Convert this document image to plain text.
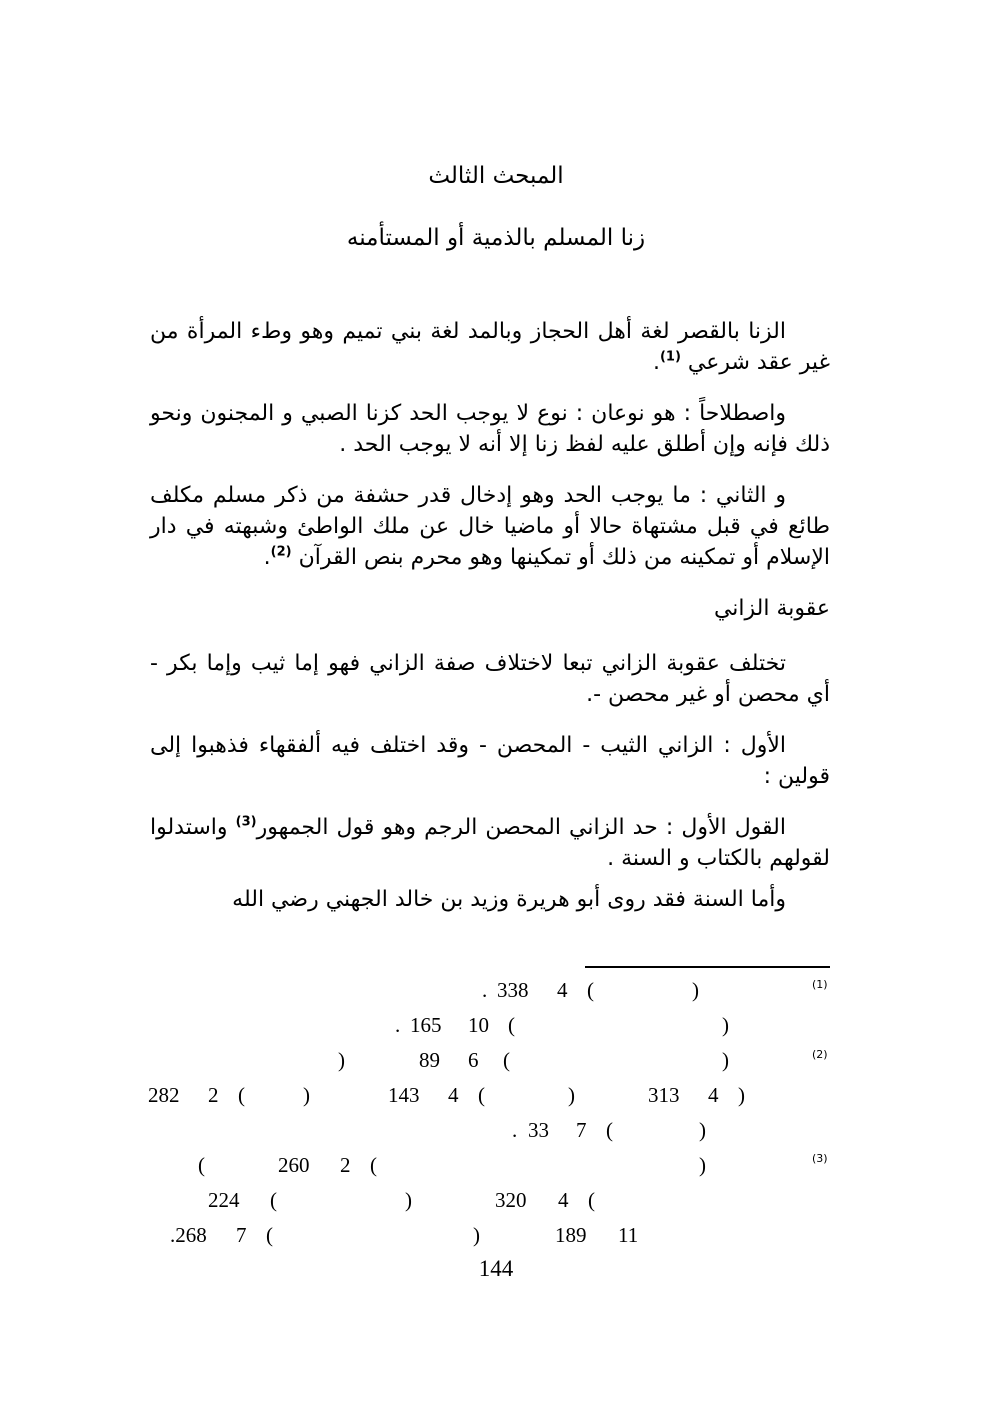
المبحث الثالث
زنا المسلم بالذمية أو المستأمنه

الزنا بالقصر لغة أهل الحجاز وبالمد لغة بني تميم وهو وطء المرأة من غير عقد شرعي $^{(1)}$.

واصطلاحاً : هو نوعان : نوع لا يوجب الحد كزنا الصبي و المجنون ونحو ذلك فإنه وإن أطلق عليه لفظ زنا إلا أنه لا يوجب الحد .

و الثاني : ما يوجب الحد وهو إدخال قدر حشفة من ذكر مسلم مكلف طائع في قبل مشتهاة حالا أو ماضيا خال عن ملك الواطئ وشبهته في دار الإسلام أو تمكينه من ذلك أو تمكينها وهو محرم بنص القرآن $^{(2)}$.

عقوبة الزاني

تختلف عقوبة الزاني تبعا لاختلاف صفة الزاني فهو إما ثيب وإما بكر - أي محصن أو غير محصن -.

الأول : الزاني الثيب - المحصن - وقد اختلف فيه ألفقهاء فذهبوا إلى قولين :

القول الأول : حد الزاني المحصن الرجم وهو قول الجمهور$^{(3)}$ واستدلوا لقولهم بالكتاب و السنة .

وأما السنة فقد روى أبو هريرة وزيد بن خالد الجهني رضي الله

(1)
(2)
(3)
. 338 4 (	)
. 165 10 (	)
)	89 6 (	)
282 2 (	)	143 4 (	)	313 4 )
. 33 7 (	)
(	260 2 (	)
224 (	)	320 4 (
.268 7 (	)	189 11
144
